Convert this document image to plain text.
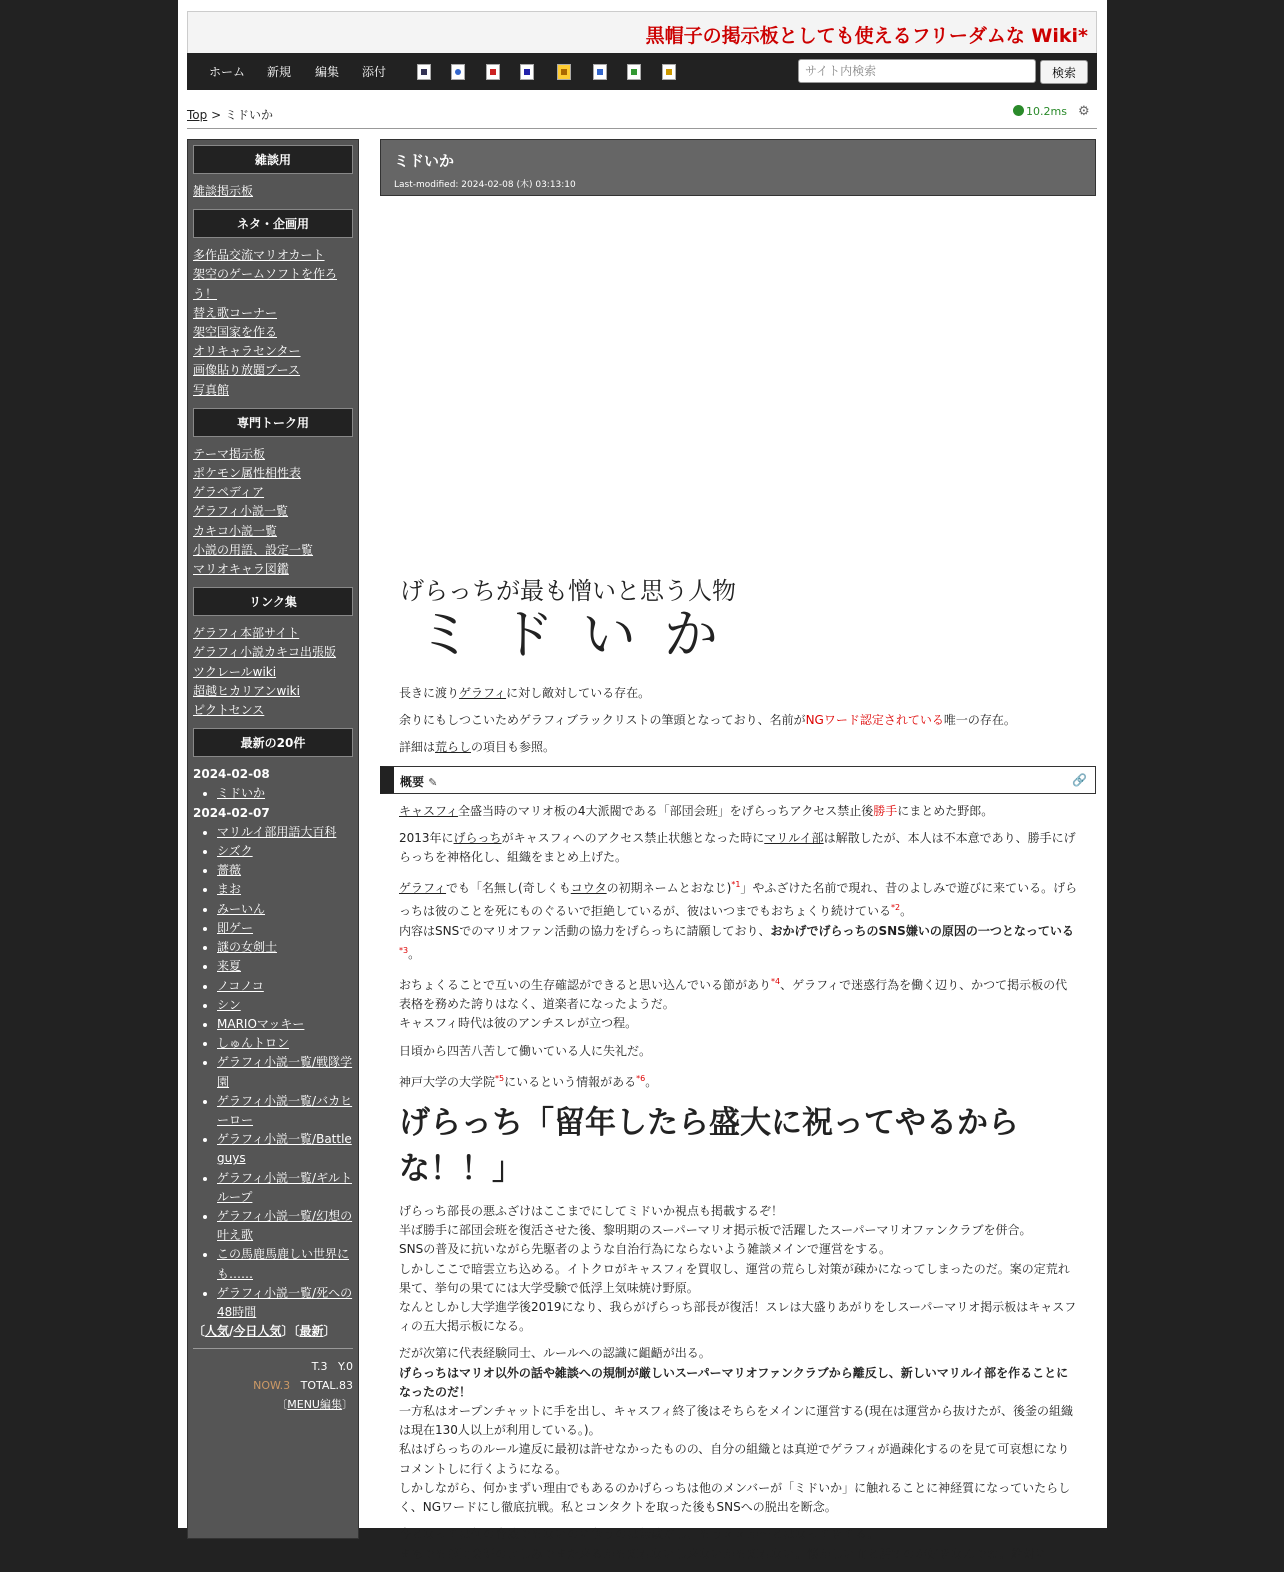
黒帽子の掲示板としても使えるフリーダムな Wiki*
ホーム 新規 編集 添付
サイト内検索	検索
Top > ミドいか	10.2ms ⚙
雑談用
雑談掲示板
ネタ・企画用
多作品交流マリオカート
架空のゲームソフトを作ろう！
替え歌コーナー
架空国家を作る
オリキャラセンター
画像貼り放題ブース
写真館
専門トーク用
テーマ掲示板
ポケモン属性相性表
ゲラペディア
ゲラフィ小説一覧
カキコ小説一覧
小説の用語、設定一覧
マリオキャラ図鑑
リンク集
ゲラフィ本部サイト
ゲラフィ小説カキコ出張版
ツクレールwiki
超越ヒカリアンwiki
ピクトセンス
最新の20件
2024-02-08
• ミドいか
2024-02-07
• マリルイ部用語大百科
• シズク
• 薔薇
• まお
• みーいん
• 即ゲー
• 謎の女剣士
• 来夏
• ノコノコ
• シン
• MARIOマッキー
• しゅんトロン
• ゲラフィ小説一覧/戦隊学園
• ゲラフィ小説一覧/バカヒーロー
• ゲラフィ小説一覧/Battle guys
• ゲラフィ小説一覧/ギルトループ
• ゲラフィ小説一覧/幻想の叶え歌
• この馬鹿馬鹿しい世界にも……
• ゲラフィ小説一覧/死への48時間
〔人気/今日人気〕〔最新〕
T.3 Y.0
NOW.3 TOTAL.83
〔MENU編集〕
ミドいか
Last-modified: 2024-02-08 (木) 03:13:10
げらっちが最も憎いと思う人物
ミドいか
長きに渡りゲラフィに対し敵対している存在。
余りにもしつこいためゲラフィブラックリストの筆頭となっており、名前がNGワード認定されている唯一の存在。
詳細は荒らしの項目も参照。
概要 ✎	🔗
キャスフィ全盛当時のマリオ板の4大派閥である「部団会班」をげらっちアクセス禁止後勝手にまとめた野郎。
2013年にげらっちがキャスフィへのアクセス禁止状態となった時にマリルイ部は解散したが、本人は不本意であり、勝手にげらっちを神格化し、組織をまとめ上げた。
ゲラフィでも「名無し(奇しくもコウタの初期ネームとおなじ)$^{*1}$」やふざけた名前で現れ、昔のよしみで遊びに来ている。げらっちは彼のことを死にものぐるいで拒絶しているが、彼はいつまでもおちょくり続けている$^{*2}$。
内容はSNSでのマリオファン活動の協力をげらっちに請願しており、おかげでげらっちのSNS嫌いの原因の一つとなっている$^{*3}$。
おちょくることで互いの生存確認ができると思い込んでいる節があり$^{*4}$、ゲラフィで迷惑行為を働く辺り、かつて掲示板の代表格を務めた誇りはなく、道楽者になったようだ。
キャスフィ時代は彼のアンチスレが立つ程。
日頃から四苦八苦して働いている人に失礼だ。
神戸大学の大学院$^{*5}$にいるという情報がある$^{*6}$。
げらっち「留年したら盛大に祝ってやるからな！！」
げらっち部長の悪ふざけはここまでにしてミドいか視点も掲載するぞ！
半ば勝手に部団会班を復活させた後、黎明期のスーパーマリオ掲示板で活躍したスーパーマリオファンクラブを併合。
SNSの普及に抗いながら先駆者のような自治行為にならないよう雑談メインで運営をする。
しかしここで暗雲立ち込める。イトクロがキャスフィを買収し、運営の荒らし対策が疎かになってしまったのだ。案の定荒れ果て、挙句の果てには大学受験で低浮上気味焼け野原。
なんとしかし大学進学後2019になり、我らがげらっち部長が復活！スレは大盛りあがりをしスーパーマリオ掲示板はキャスフィの五大掲示板になる。
だが次第に代表経験同士、ルールへの認識に齟齬が出る。
げらっちはマリオ以外の話や雑談への規制が厳しいスーパーマリオファンクラブから離反し、新しいマリルイ部を作ることになったのだ！
一方私はオープンチャットに手を出し、キャスフィ終了後はそちらをメインに運営する(現在は運営から抜けたが、後釜の組織は現在130人以上が利用している。)。
私はげらっちのルール違反に最初は許せなかったものの、自分の組織とは真逆でゲラフィが過疎化するのを見て可哀想になりコメントしに行くようになる。
しかしながら、何かまずい理由でもあるのかげらっちは他のメンバーが「ミドいか」に触れることに神経質になっていたらしく、NGワードにし徹底抗戦。私とコンタクトを取った後もSNSへの脱出を断念。
今となっては何の脅威でもないのに争うのは無駄だし、もうええか〜とはなってきてる。
まあでも部団会班のよしみでまた来るかも知れないし来ないかも知れない。懐かしい面と話すのが好きなんでね。絶対に
